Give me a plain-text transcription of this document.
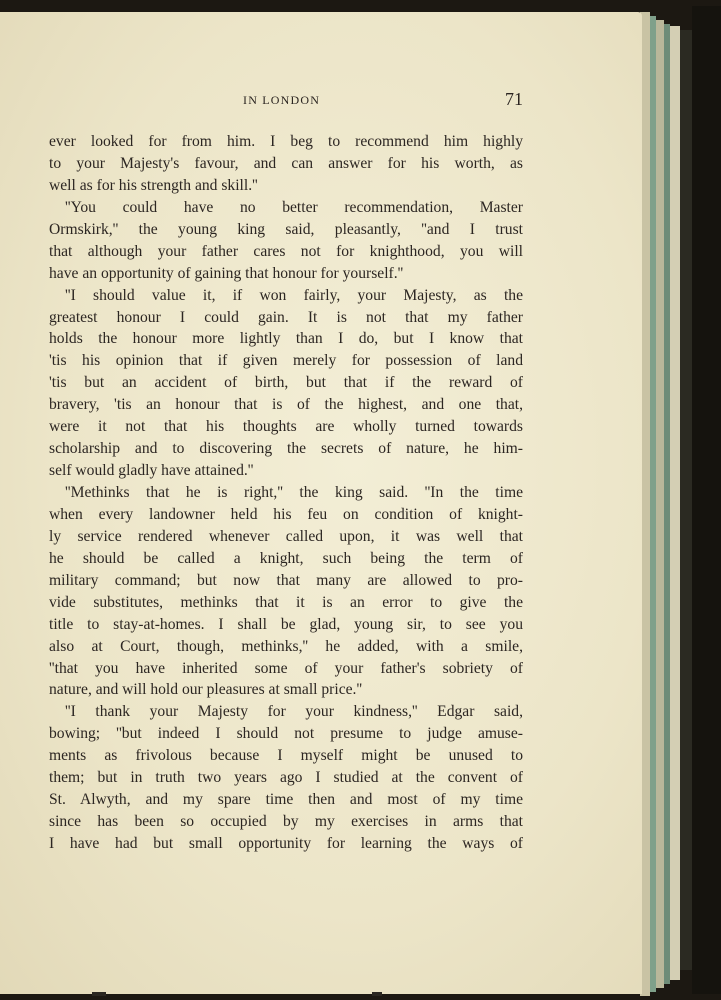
IN LONDON	71
ever looked for from him. I beg to recommend him highly
to your Majesty's favour, and can answer for his worth, as
well as for his strength and skill.''
''You could have no better recommendation, Master
Ormskirk,'' the young king said, pleasantly, ''and I trust
that although your father cares not for knighthood, you will
have an opportunity of gaining that honour for yourself.''
''I should value it, if won fairly, your Majesty, as the
greatest honour I could gain. It is not that my father
holds the honour more lightly than I do, but I know that
'tis his opinion that if given merely for possession of land
'tis but an accident of birth, but that if the reward of
bravery, 'tis an honour that is of the highest, and one that,
were it not that his thoughts are wholly turned towards
scholarship and to discovering the secrets of nature, he him-
self would gladly have attained.''
''Methinks that he is right,'' the king said. ''In the time
when every landowner held his feu on condition of knight-
ly service rendered whenever called upon, it was well that
he should be called a knight, such being the term of
military command; but now that many are allowed to pro-
vide substitutes, methinks that it is an error to give the
title to stay-at-homes. I shall be glad, young sir, to see you
also at Court, though, methinks,'' he added, with a smile,
''that you have inherited some of your father's sobriety of
nature, and will hold our pleasures at small price.''
''I thank your Majesty for your kindness,'' Edgar said,
bowing; ''but indeed I should not presume to judge amuse-
ments as frivolous because I myself might be unused to
them; but in truth two years ago I studied at the convent of
St. Alwyth, and my spare time then and most of my time
since has been so occupied by my exercises in arms that
I have had but small opportunity for learning the ways of
